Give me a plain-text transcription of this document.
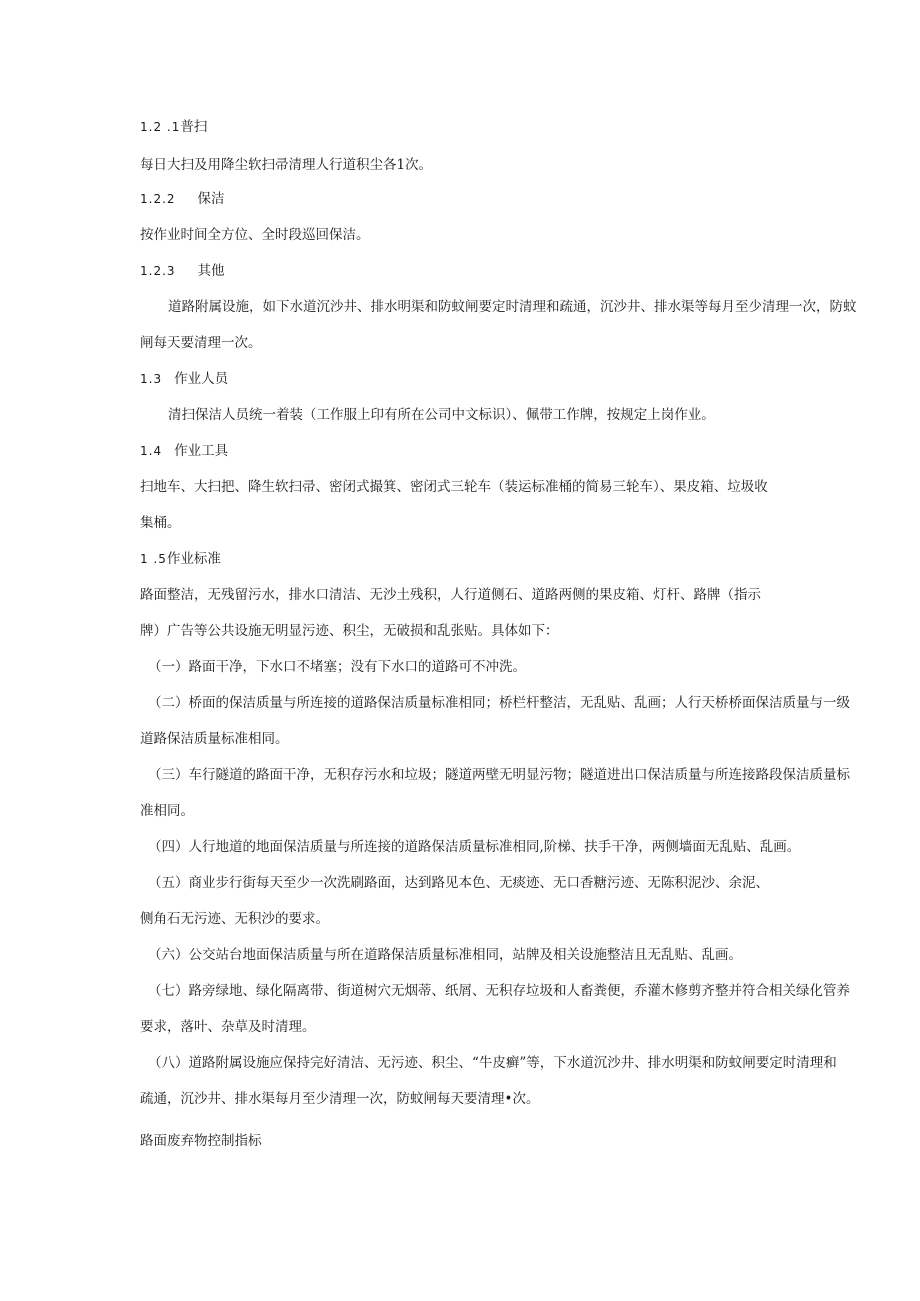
1.2 .1普扫
每日大扫及用降尘软扫帚清理人行道积尘各1次。
1.2.2 保洁
按作业时间全方位、全时段巡回保洁。
1.2.3 其他
道路附属设施，如下水道沉沙井、排水明渠和防蚊闸要定时清理和疏通，沉沙井、排水渠等每月至少清理一次，防蚊
闸每天要清理一次。
1.3 作业人员
清扫保洁人员统一着装（工作服上印有所在公司中文标识）、佩带工作牌，按规定上岗作业。
1.4 作业工具
扫地车、大扫把、降生软扫帚、密闭式撮箕、密闭式三轮车（装运标准桶的简易三轮车）、果皮箱、垃圾收
集桶。
1 .5作业标准
路面整洁，无残留污水，排水口清洁、无沙土残积，人行道侧石、道路两侧的果皮箱、灯杆、路牌（指示
牌）广告等公共设施无明显污迹、积尘，无破损和乱张贴。具体如下：
（一）路面干净，下水口不堵塞；没有下水口的道路可不冲洗。
（二）桥面的保洁质量与所连接的道路保洁质量标准相同；桥栏杆整洁，无乱贴、乱画；人行天桥桥面保洁质量与一级
道路保洁质量标准相同。
（三）车行隧道的路面干净，无积存污水和垃圾；隧道两壁无明显污物；隧道进出口保洁质量与所连接路段保洁质量标
准相同。
（四）人行地道的地面保洁质量与所连接的道路保洁质量标准相同,阶梯、扶手干净，两侧墙面无乱贴、乱画。
（五）商业步行街每天至少一次洗刷路面，达到路见本色、无痰迹、无口香糖污迹、无陈积泥沙、余泥、
侧角石无污迹、无积沙的要求。
（六）公交站台地面保洁质量与所在道路保洁质量标准相同，站牌及相关设施整洁且无乱贴、乱画。
（七）路旁绿地、绿化隔离带、街道树穴无烟蒂、纸屑、无积存垃圾和人畜粪便，乔灌木修剪齐整并符合相关绿化管养
要求，落叶、杂草及时清理。
（八）道路附属设施应保持完好清洁、无污迹、积尘、“牛皮癣”等，下水道沉沙井、排水明渠和防蚊闸要定时清理和
疏通，沉沙井、排水渠每月至少清理一次，防蚊闸每天要清理•次。
路面废弃物控制指标
